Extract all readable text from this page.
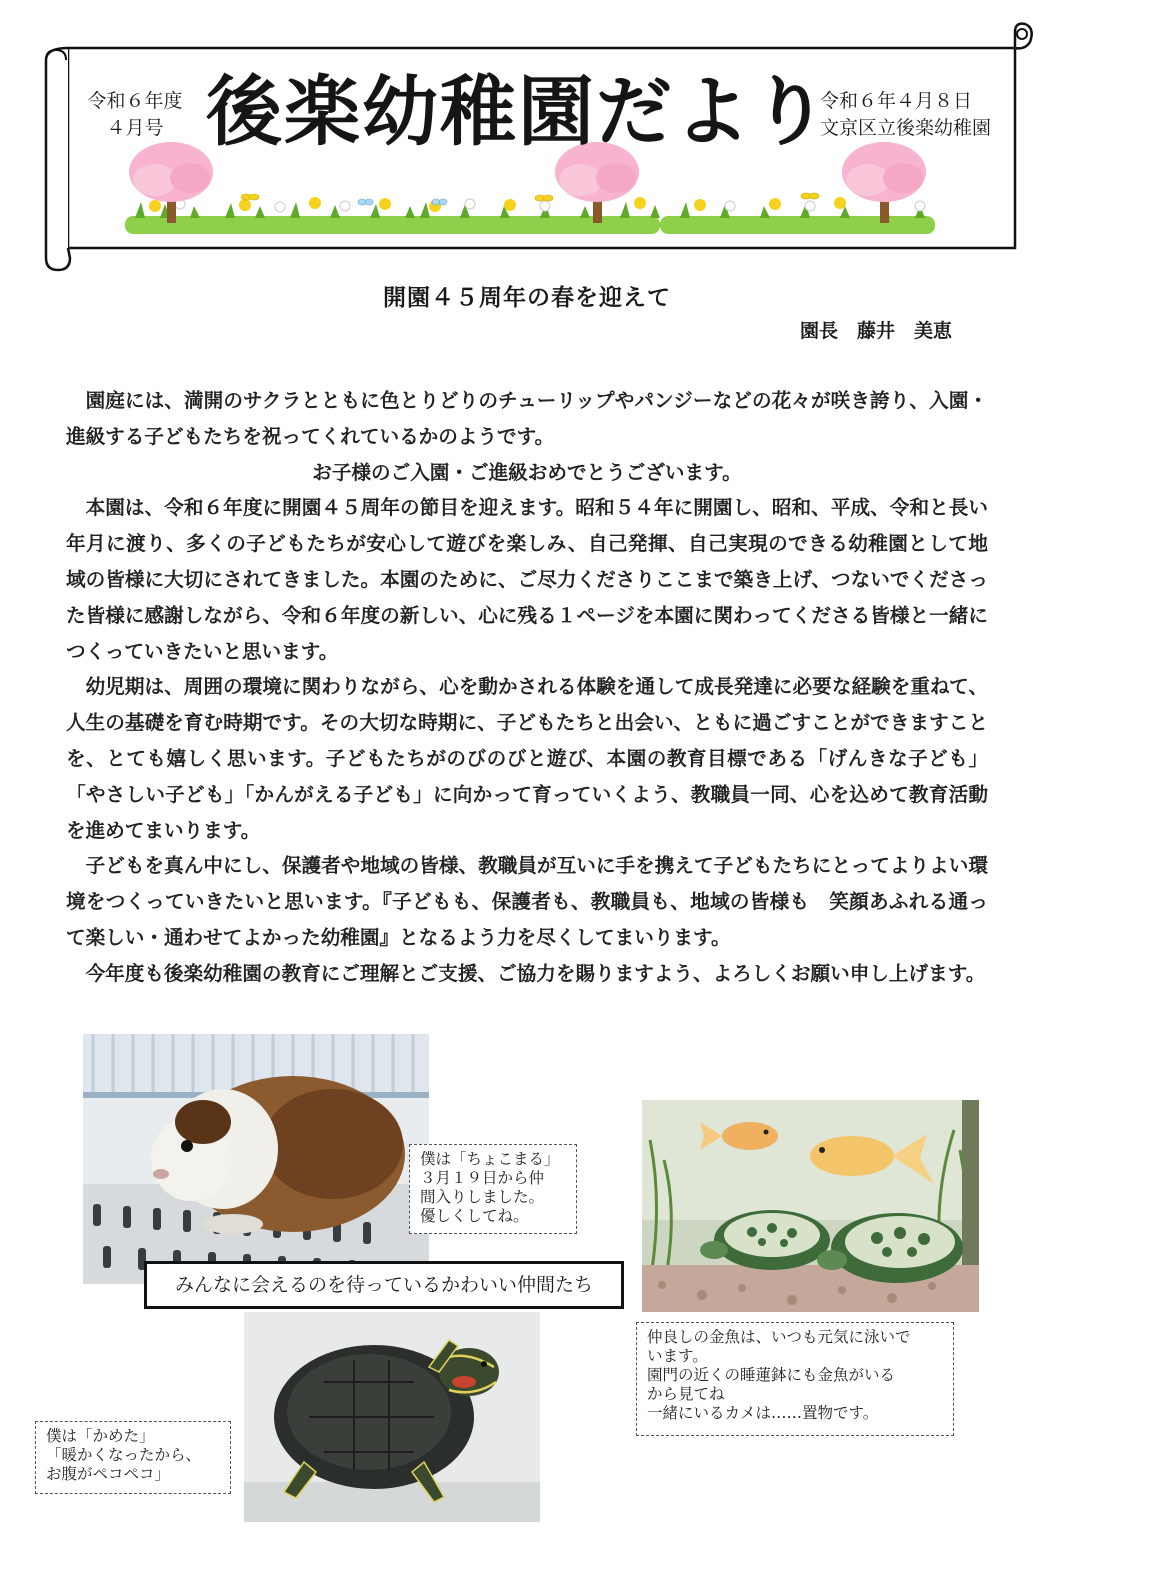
令和６年度
４月号 後楽幼稚園だより
令和６年４月８日
文京区立後楽幼稚園
開園４５周年の春を迎えて
園長　藤井　美恵

園庭には、満開のサクラとともに色とりどりのチューリップやパンジーなどの花々が咲き誇り、入園・進級する子どもたちを祝ってくれているかのようです。

お子様のご入園・ご進級おめでとうございます。

本園は、令和６年度に開園４５周年の節目を迎えます。昭和５４年に開園し、昭和、平成、令和と長い年月に渡り、多くの子どもたちが安心して遊びを楽しみ、自己発揮、自己実現のできる幼稚園として地域の皆様に大切にされてきました。本園のために、ご尽力くださりここまで築き上げ、つないでくださった皆様に感謝しながら、令和６年度の新しい、心に残る１ページを本園に関わってくださる皆様と一緒につくっていきたいと思います。

幼児期は、周囲の環境に関わりながら、心を動かされる体験を通して成長発達に必要な経験を重ねて、人生の基礎を育む時期です。その大切な時期に、子どもたちと出会い、ともに過ごすことができますことを、とても嬉しく思います。子どもたちがのびのびと遊び、本園の教育目標である「げんきな子ども」「やさしい子ども」「かんがえる子ども」に向かって育っていくよう、教職員一同、心を込めて教育活動を進めてまいります。

子どもを真ん中にし、保護者や地域の皆様、教職員が互いに手を携えて子どもたちにとってよりよい環境をつくっていきたいと思います。『子どもも、保護者も、教職員も、地域の皆様も　笑顔あふれる通って楽しい・通わせてよかった幼稚園』となるよう力を尽くしてまいります。

今年度も後楽幼稚園の教育にご理解とご支援、ご協力を賜りますよう、よろしくお願い申し上げます。

僕は「ちょこまる」
３月１９日から仲
間入りしました。
優しくしてね。
仲良しの金魚は、いつも元気に泳いで
います。
園門の近くの睡蓮鉢にも金魚がいる
から見てね
一緒にいるカメは……置物です。
みんなに会えるのを待っているかわいい仲間たち
僕は「かめた」
「暖かくなったから、
お腹がペコペコ」
